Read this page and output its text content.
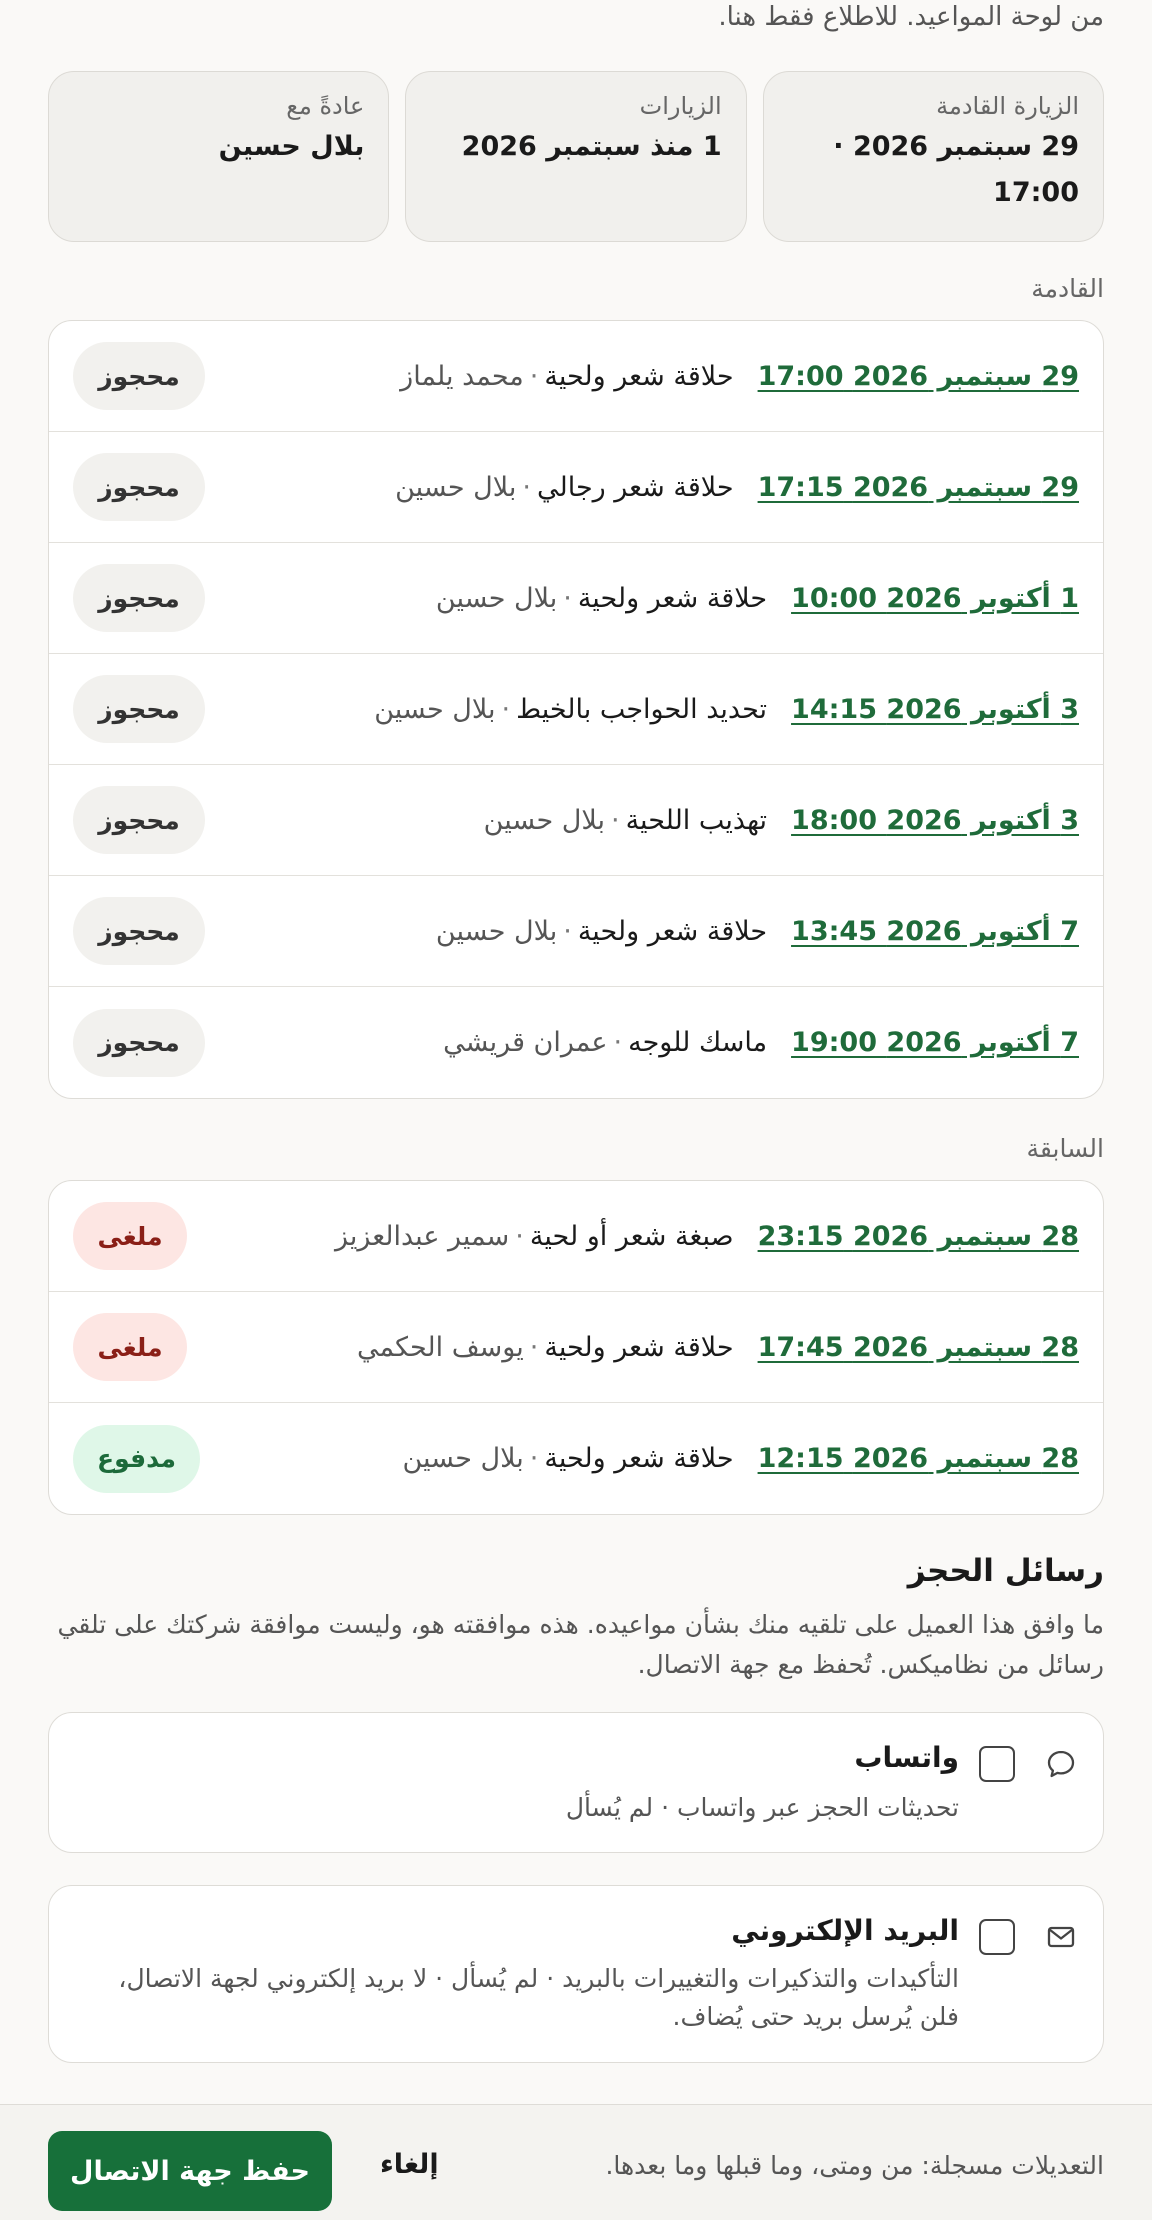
من لوحة المواعيد. للاطلاع فقط هنا.
الزيارة القادمة
29 سبتمبر 2026 ·
17:00
الزيارات
1 منذ سبتمبر 2026
عادةً مع
بلال حسين
القادمة
29 سبتمبر 2026 17:00
حلاقة شعر ولحية·محمد يلماز
محجوز
29 سبتمبر 2026 17:15
حلاقة شعر رجالي·بلال حسين
محجوز
1 أكتوبر 2026 10:00
حلاقة شعر ولحية·بلال حسين
محجوز
3 أكتوبر 2026 14:15
تحديد الحواجب بالخيط·بلال حسين
محجوز
3 أكتوبر 2026 18:00
تهذيب اللحية·بلال حسين
محجوز
7 أكتوبر 2026 13:45
حلاقة شعر ولحية·بلال حسين
محجوز
7 أكتوبر 2026 19:00
ماسك للوجه·عمران قريشي
محجوز
السابقة
28 سبتمبر 2026 23:15
صبغة شعر أو لحية·سمير عبدالعزيز
ملغى
28 سبتمبر 2026 17:45
حلاقة شعر ولحية·يوسف الحكمي
ملغى
28 سبتمبر 2026 12:15
حلاقة شعر ولحية·بلال حسين
مدفوع
رسائل الحجز
ما وافق هذا العميل على تلقيه منك بشأن مواعيده. هذه موافقته هو، وليست موافقة شركتك على تلقي رسائل من نظاميكس. تُحفظ مع جهة الاتصال.
واتساب
تحديثات الحجز عبر واتساب · لم يُسأل
البريد الإلكتروني
التأكيدات والتذكيرات والتغييرات بالبريد · لم يُسأل · لا بريد إلكتروني لجهة الاتصال، فلن يُرسل بريد حتى يُضاف.
التعديلات مسجلة: من ومتى، وما قبلها وما بعدها.
إلغاء
حفظ جهة الاتصال
